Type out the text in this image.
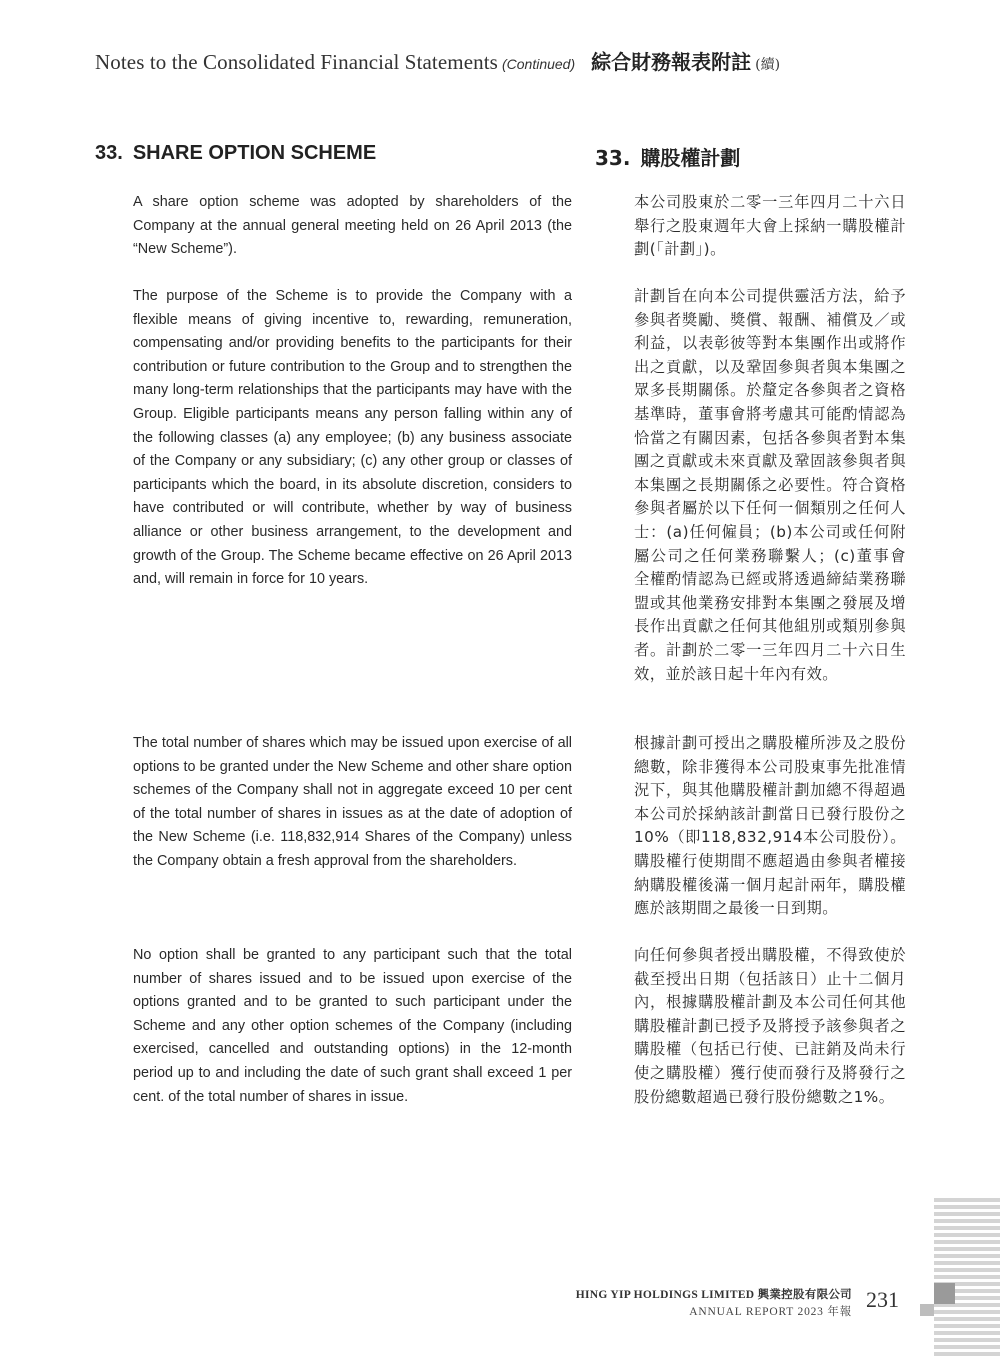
Notes to the Consolidated Financial Statements (Continued) 綜合財務報表附註 (續)
33. SHARE OPTION SCHEME	33. 購股權計劃

A share option scheme was adopted by shareholders of the Company at the annual general meeting held on 26 April 2013 (the “New Scheme”).

The purpose of the Scheme is to provide the Company with a flexible means of giving incentive to, rewarding, remuneration, compensating and/or providing benefits to the participants for their contribution or future contribution to the Group and to strengthen the many long-term relationships that the participants may have with the Group. Eligible participants means any person falling within any of the following classes (a) any employee; (b) any business associate of the Company or any subsidiary; (c) any other group or classes of participants which the board, in its absolute discretion, considers to have contributed or will contribute, whether by way of business alliance or other business arrangement, to the development and growth of the Group. The Scheme became effective on 26 April 2013 and, will remain in force for 10 years.

The total number of shares which may be issued upon exercise of all options to be granted under the New Scheme and other share option schemes of the Company shall not in aggregate exceed 10 per cent of the total number of shares in issues as at the date of adoption of the New Scheme (i.e. 118,832,914 Shares of the Company) unless the Company obtain a fresh approval from the shareholders.

No option shall be granted to any participant such that the total number of shares issued and to be issued upon exercise of the options granted and to be granted to such participant under the Scheme and any other option schemes of the Company (including exercised, cancelled and outstanding options) in the 12-month period up to and including the date of such grant shall exceed 1 per cent. of the total number of shares in issue.

本公司股東於二零一三年四月二十六日舉行之股東週年大會上採納一購股權計劃(「計劃」)。

計劃旨在向本公司提供靈活方法，給予參與者獎勵、獎償、報酬、補償及／或利益，以表彰彼等對本集團作出或將作出之貢獻，以及鞏固參與者與本集團之眾多長期關係。於釐定各參與者之資格基準時，董事會將考慮其可能酌情認為恰當之有關因素，包括各參與者對本集團之貢獻或未來貢獻及鞏固該參與者與本集團之長期關係之必要性。符合資格參與者屬於以下任何一個類別之任何人士：(a)任何僱員；(b)本公司或任何附屬公司之任何業務聯繫人；(c)董事會全權酌情認為已經或將透過締結業務聯盟或其他業務安排對本集團之發展及增長作出貢獻之任何其他組別或類別參與者。計劃於二零一三年四月二十六日生效，並於該日起十年內有效。

根據計劃可授出之購股權所涉及之股份總數，除非獲得本公司股東事先批准情況下，與其他購股權計劃加總不得超過本公司於採納該計劃當日已發行股份之10%（即118,832,914本公司股份）。購股權行使期間不應超過由參與者權接納購股權後滿一個月起計兩年，購股權應於該期間之最後一日到期。

向任何參與者授出購股權，不得致使於截至授出日期（包括該日）止十二個月內，根據購股權計劃及本公司任何其他購股權計劃已授予及將授予該參與者之購股權（包括已行使、已註銷及尚未行使之購股權）獲行使而發行及將發行之股份總數超過已發行股份總數之1%。

HING YIP HOLDINGS LIMITED 興業控股有限公司
ANNUAL REPORT 2023 年報 231
